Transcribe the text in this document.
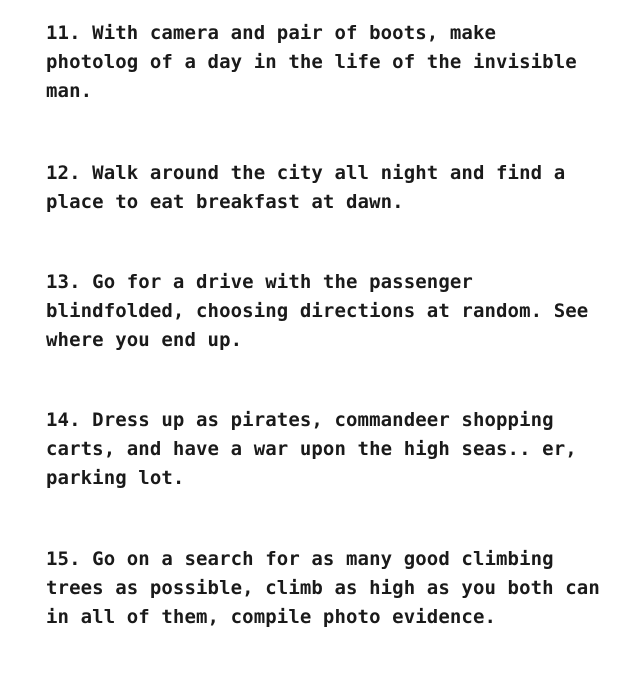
11. With camera and pair of boots, make
photolog of a day in the life of the invisible
man.

12. Walk around the city all night and find a
place to eat breakfast at dawn.

13. Go for a drive with the passenger
blindfolded, choosing directions at random. See
where you end up.

14. Dress up as pirates, commandeer shopping
carts, and have a war upon the high seas.. er,
parking lot.

15. Go on a search for as many good climbing
trees as possible, climb as high as you both can
in all of them, compile photo evidence.
